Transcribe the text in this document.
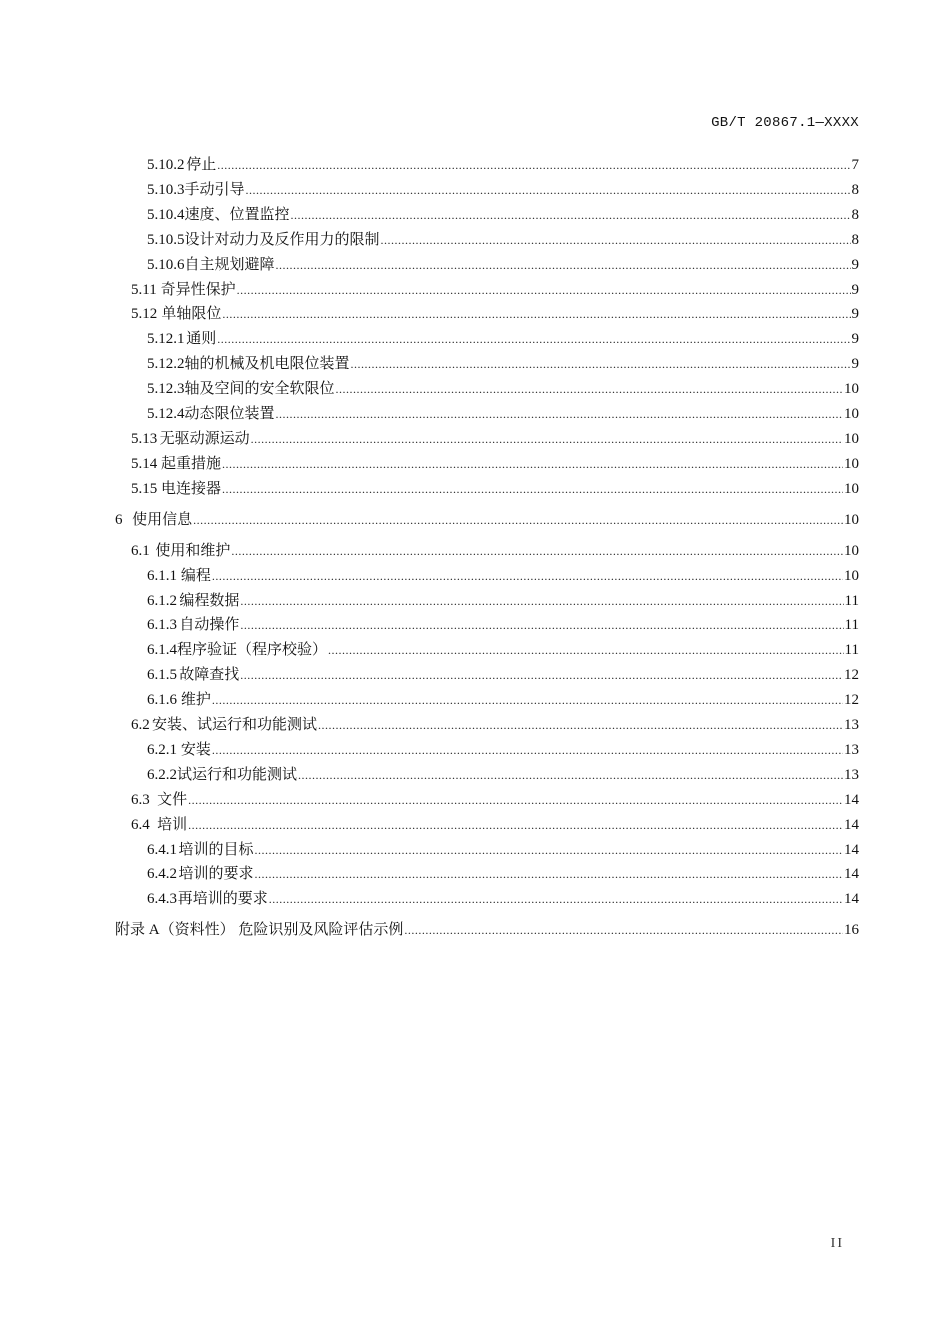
GB/T 20867.1—XXXX
5.10.2 停止 .....	7
5.10.3 手动引导 .....	8
5.10.4 速度、位置监控 .....	8
5.10.5 设计对动力及反作用力的限制 .....	8
5.10.6 自主规划避障 .....	9
5.11 奇异性保护 .....	9
5.12 单轴限位 .....	9
5.12.1 通则 .....	9
5.12.2 轴的机械及机电限位装置 .....	9
5.12.3 轴及空间的安全软限位 .....	10
5.12.4 动态限位装置 .....	10
5.13 无驱动源运动 .....	10
5.14 起重措施 .....	10
5.15 电连接器 .....	10
6 使用信息 .....	10
6.1 使用和维护 .....	10
6.1.1 编程 .....	10
6.1.2 编程数据 .....	11
6.1.3 自动操作 .....	11
6.1.4 程序验证（程序校验） .....	11
6.1.5 故障查找 .....	12
6.1.6 维护 .....	12
6.2 安装、试运行和功能测试 .....	13
6.2.1 安装 .....	13
6.2.2 试运行和功能测试 .....	13
6.3 文件 .....	14
6.4 培训 .....	14
6.4.1 培训的目标 .....	14
6.4.2 培训的要求 .....	14
6.4.3 再培训的要求 .....	14
附录 A （资料性） 危险识别及风险评估示例 .....	16
II
